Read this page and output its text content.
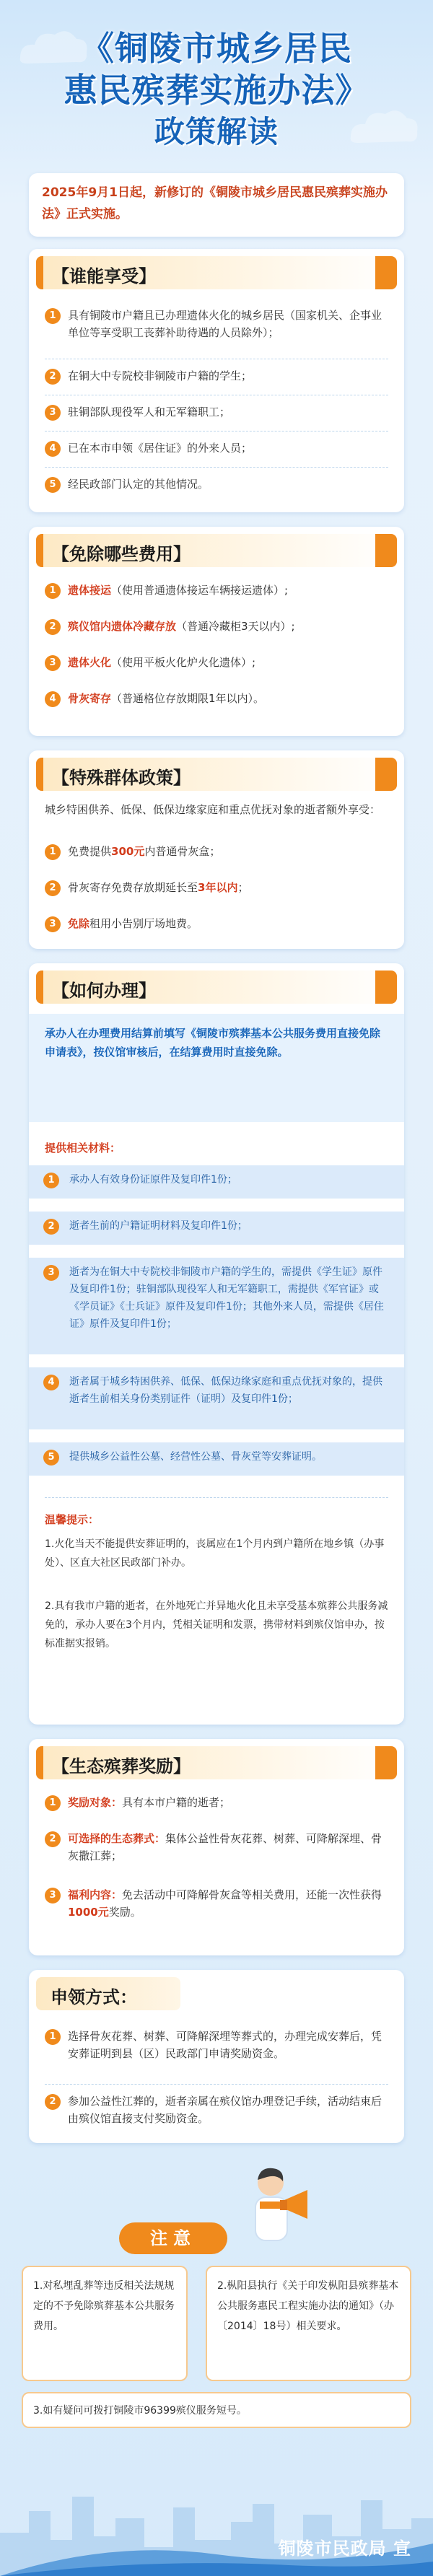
《铜陵市城乡居民
惠民殡葬实施办法》
政策解读
2025年9月1日起，新修订的《铜陵市城乡居民惠民殡葬实施办法》正式实施。
【谁能享受】
1	具有铜陵市户籍且已办理遗体火化的城乡居民（国家机关、企事业单位等享受职工丧葬补助待遇的人员除外）；
2	在铜大中专院校非铜陵市户籍的学生；
3	驻铜部队现役军人和无军籍职工；
4	已在本市申领《居住证》的外来人员；
5	经民政部门认定的其他情况。
【免除哪些费用】
1	遗体接运（使用普通遗体接运车辆接运遗体）;
2	殡仪馆内遗体冷藏存放（普通冷藏柜3天以内）;
3	遗体火化（使用平板火化炉火化遗体）;
4	骨灰寄存（普通格位存放期限1年以内）。
【特殊群体政策】
城乡特困供养、低保、低保边缘家庭和重点优抚对象的逝者额外享受：
1	免费提供300元内普通骨灰盒；
2	骨灰寄存免费存放期延长至3年以内；
3	免除租用小告别厅场地费。
【如何办理】
承办人在办理费用结算前填写《铜陵市殡葬基本公共服务费用直接免除申请表》，按仪馆审核后，在结算费用时直接免除。
提供相关材料：
1	承办人有效身份证原件及复印件1份；
2	逝者生前的户籍证明材料及复印件1份；
3	逝者为在铜大中专院校非铜陵市户籍的学生的，需提供《学生证》原件及复印件1份；驻铜部队现役军人和无军籍职工，需提供《军官证》或《学员证》《士兵证》原件及复印件1份；其他外来人员，需提供《居住证》原件及复印件1份；
4	逝者属于城乡特困供养、低保、低保边缘家庭和重点优抚对象的，提供逝者生前相关身份类别证件（证明）及复印件1份；
5	提供城乡公益性公墓、经营性公墓、骨灰堂等安葬证明。
温馨提示：
1.火化当天不能提供安葬证明的，丧属应在1个月内到户籍所在地乡镇（办事处）、区直大社区民政部门补办。
2.具有我市户籍的逝者，在外地死亡并异地火化且未享受基本殡葬公共服务减免的，承办人要在3个月内，凭相关证明和发票，携带材料到殡仪馆申办，按标准据实报销。
【生态殡葬奖励】
1	奖励对象：具有本市户籍的逝者；
2	可选择的生态葬式：集体公益性骨灰花葬、树葬、可降解深埋、骨灰撒江葬；
3	福利内容：免去活动中可降解骨灰盒等相关费用，还能一次性获得1000元奖励。
申领方式：
1	选择骨灰花葬、树葬、可降解深埋等葬式的，办理完成安葬后，凭安葬证明到县（区）民政部门申请奖励资金。
2	参加公益性江葬的，逝者亲属在殡仪馆办理登记手续，活动结束后由殡仪馆直接支付奖励资金。
注意
1.对私埋乱葬等违反相关法规规定的不予免除殡葬基本公共服务费用。
2.枞阳县执行《关于印发枞阳县殡葬基本公共服务惠民工程实施办法的通知》（办〔2014〕18号）相关要求。
3.如有疑问可拨打铜陵市96399殡仪服务短号。
铜陵市民政局 宣
